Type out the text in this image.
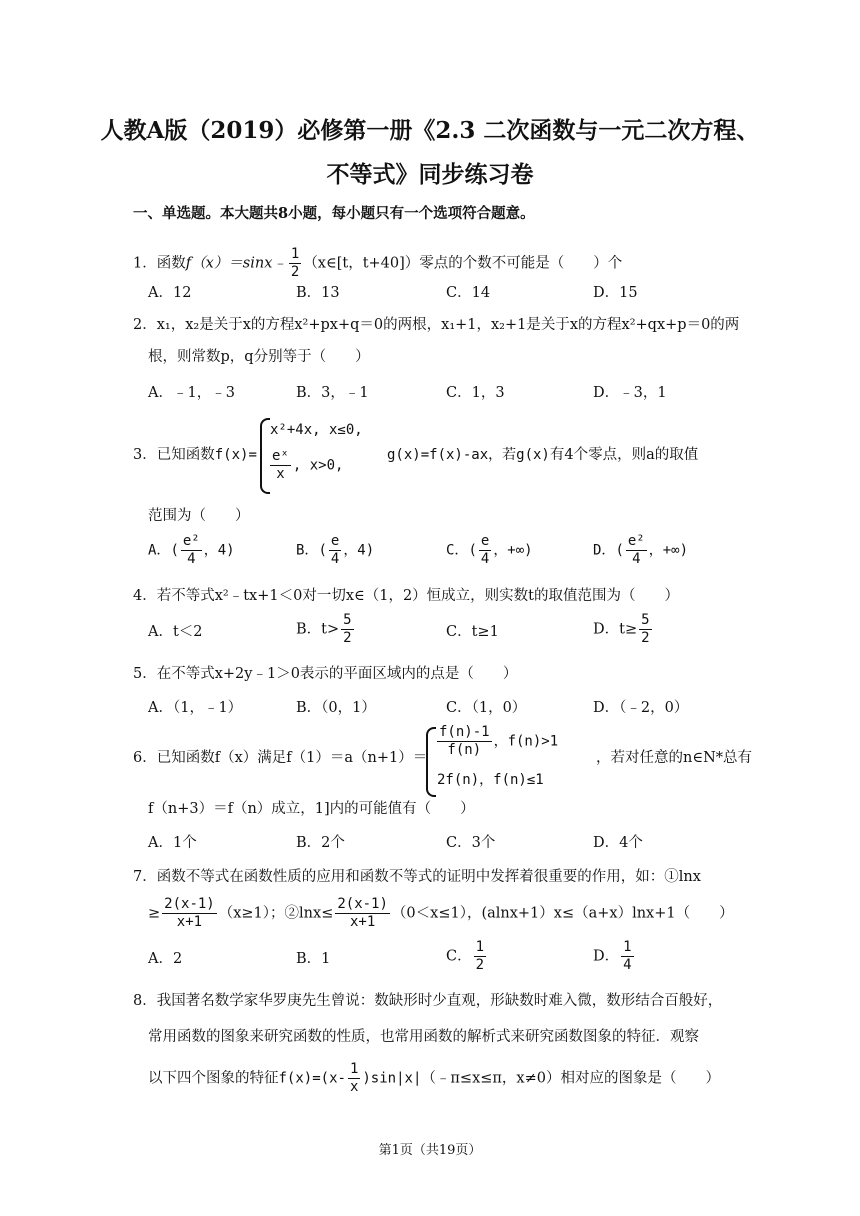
人教A版（2019）必修第一册《2.3 二次函数与一元二次方程、
不等式》同步练习卷
一、单选题。本大题共8小题，每小题只有一个选项符合题意。
1．函数f（x）＝sinx﹣ $\frac{1}{2}$ （x∈[t，t+40]）零点的个数不可能是（　　）个
A．12	B．13	C．14	D．15
2．x₁，x₂是关于x的方程x²+px+q＝0的两根，x₁+1，x₂+1是关于x的方程x²+qx+p＝0的两
根，则常数p，q分别等于（　　）
A．﹣1，﹣3	B．3，﹣1	C．1，3	D．﹣3，1
3．已知函数f(x)=
x²+4x, x≤0,
$\frac{\text{eˣ}}{x}$ , x>0,
g(x)=f(x)-ax，若g(x)有4个零点，则a的取值
范围为（　　）
A．( $\frac{\text{e²}}{4}$ ，4)	B．( $\frac{e}{4}$ ，4)	C．( $\frac{e}{4}$ ，+∞)	D．( $\frac{\text{e²}}{4}$ ，+∞)
4．若不等式x²﹣tx+1＜0对一切x∈（1，2）恒成立，则实数t的取值范围为（　　）
A．t＜2	B．$t> \frac{5}{2}$	C．t≥1	D．$t\ge \frac{5}{2}$
5．在不等式x+2y﹣1＞0表示的平面区域内的点是（　　）
A．（1，﹣1）	B．（0，1）	C．（1，0）	D．（﹣2，0）
6．已知函数f（x）满足$f(1)=a(n+1)= \frac{f(n)-1}{f(n)}$ ，f(n)>1
2f(n)，f(n)≤1
，若对任意的n∈N*总有
f（n+3）＝f（n）成立，1]内的可能值有（　　）
A．1个	B．2个	C．3个	D．4个
7．函数不等式在函数性质的应用和函数不等式的证明中发挥着很重要的作用，如：①lnx
≥ $\frac{2(x-1)}{x+1} (x\ge 1)$；②lnx≤ $\frac{2(x-1)}{x+1} (0<x\le 1)$，(alnx+1）x≤（a+x）lnx+1（　　）
A．2	B．1	C． $\frac{1}{2}$	D． $\frac{1}{4}$
8．我国著名数学家华罗庚先生曾说：数缺形时少直观，形缺数时难入微，数形结合百般好，
常用函数的图象来研究函数的性质，也常用函数的解析式来研究函数图象的特征．观察
以下四个图象的特征$f(x)=(x- \frac{1}{x}$ )sin|x|（﹣π≤x≤π，x≠0）相对应的图象是（　　）
第1页（共19页）
